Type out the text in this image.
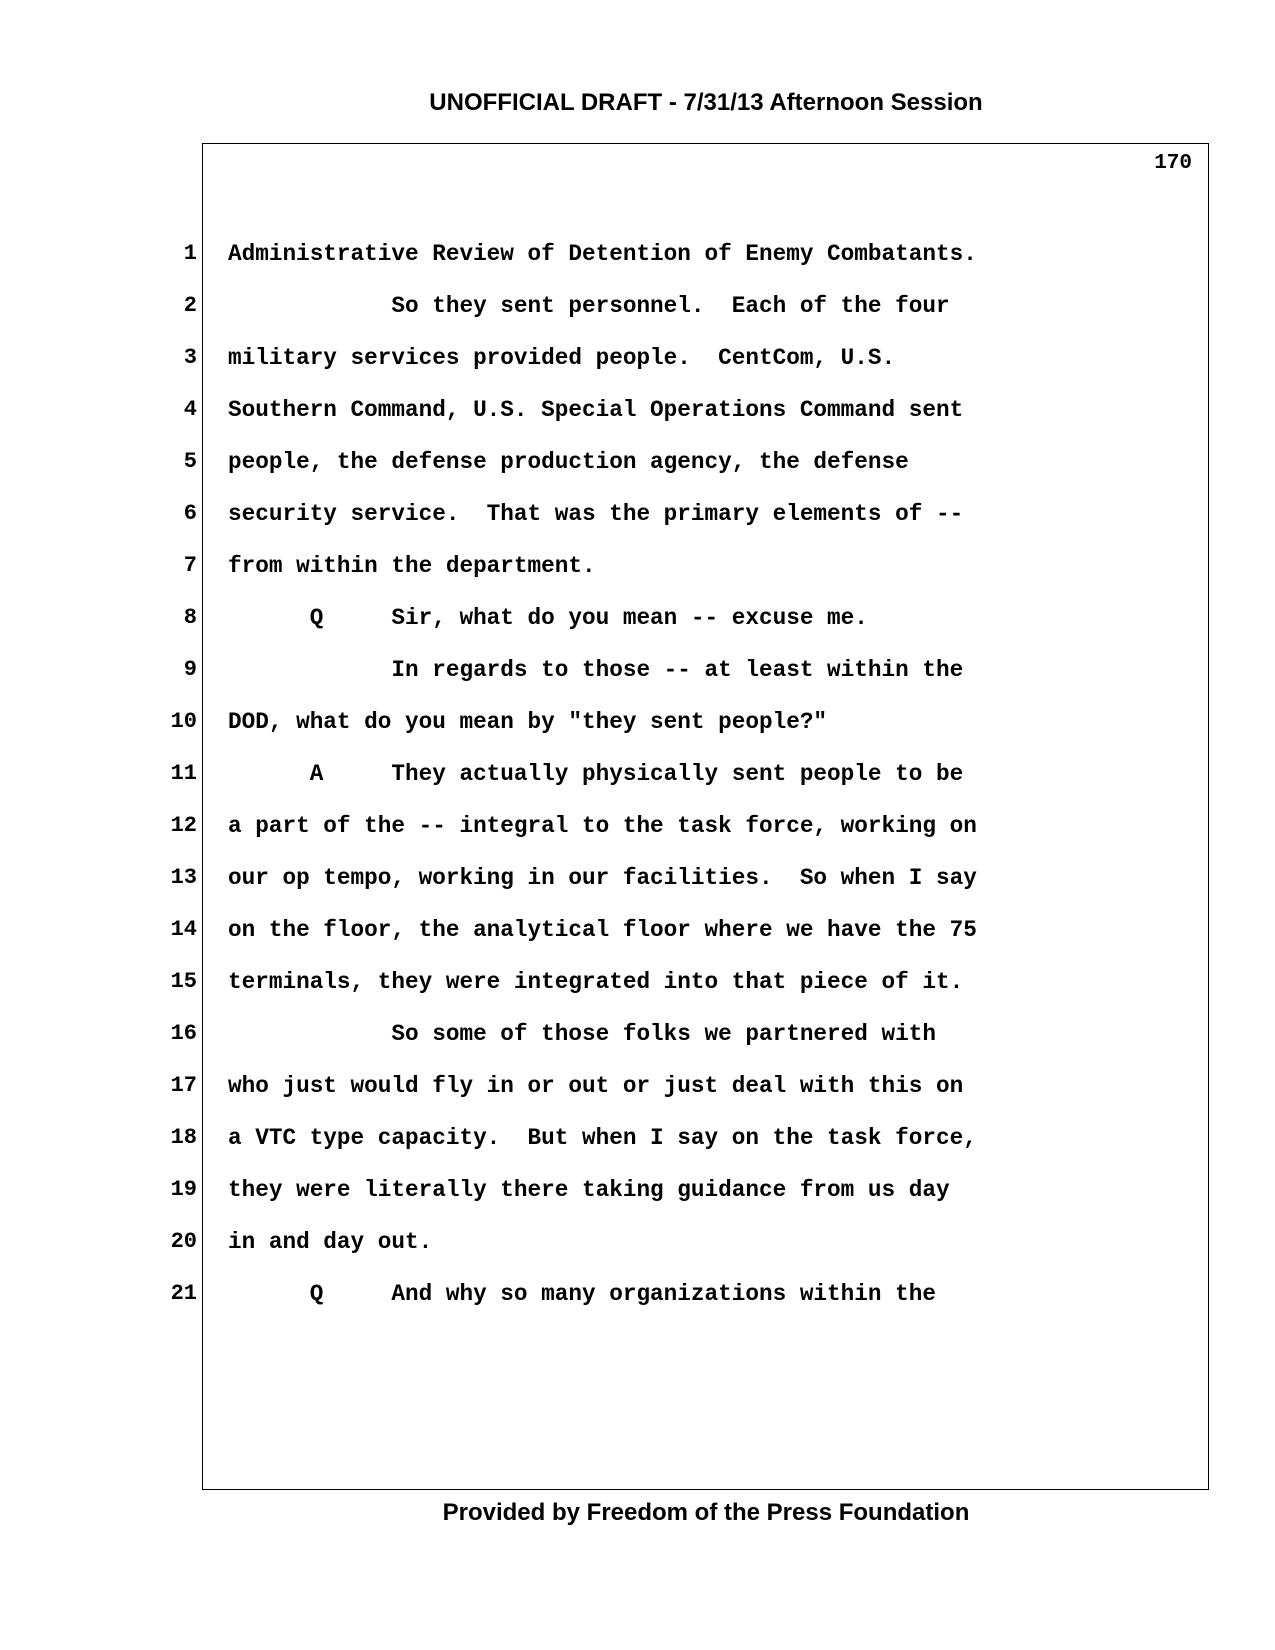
UNOFFICIAL DRAFT - 7/31/13 Afternoon Session
170
1
2
3
4
5
6
7
8
9
10
11
12
13
14
15
16
17
18
19
20
21
Administrative Review of Detention of Enemy Combatants.
So they sent personnel.  Each of the four
military services provided people.  CentCom, U.S.
Southern Command, U.S. Special Operations Command sent
people, the defense production agency, the defense
security service.  That was the primary elements of --
from within the department.
Q     Sir, what do you mean -- excuse me.
In regards to those -- at least within the
DOD, what do you mean by "they sent people?"
A     They actually physically sent people to be
a part of the -- integral to the task force, working on
our op tempo, working in our facilities.  So when I say
on the floor, the analytical floor where we have the 75
terminals, they were integrated into that piece of it.
So some of those folks we partnered with
who just would fly in or out or just deal with this on
a VTC type capacity.  But when I say on the task force,
they were literally there taking guidance from us day
in and day out.
Q     And why so many organizations within the
Provided by Freedom of the Press Foundation
